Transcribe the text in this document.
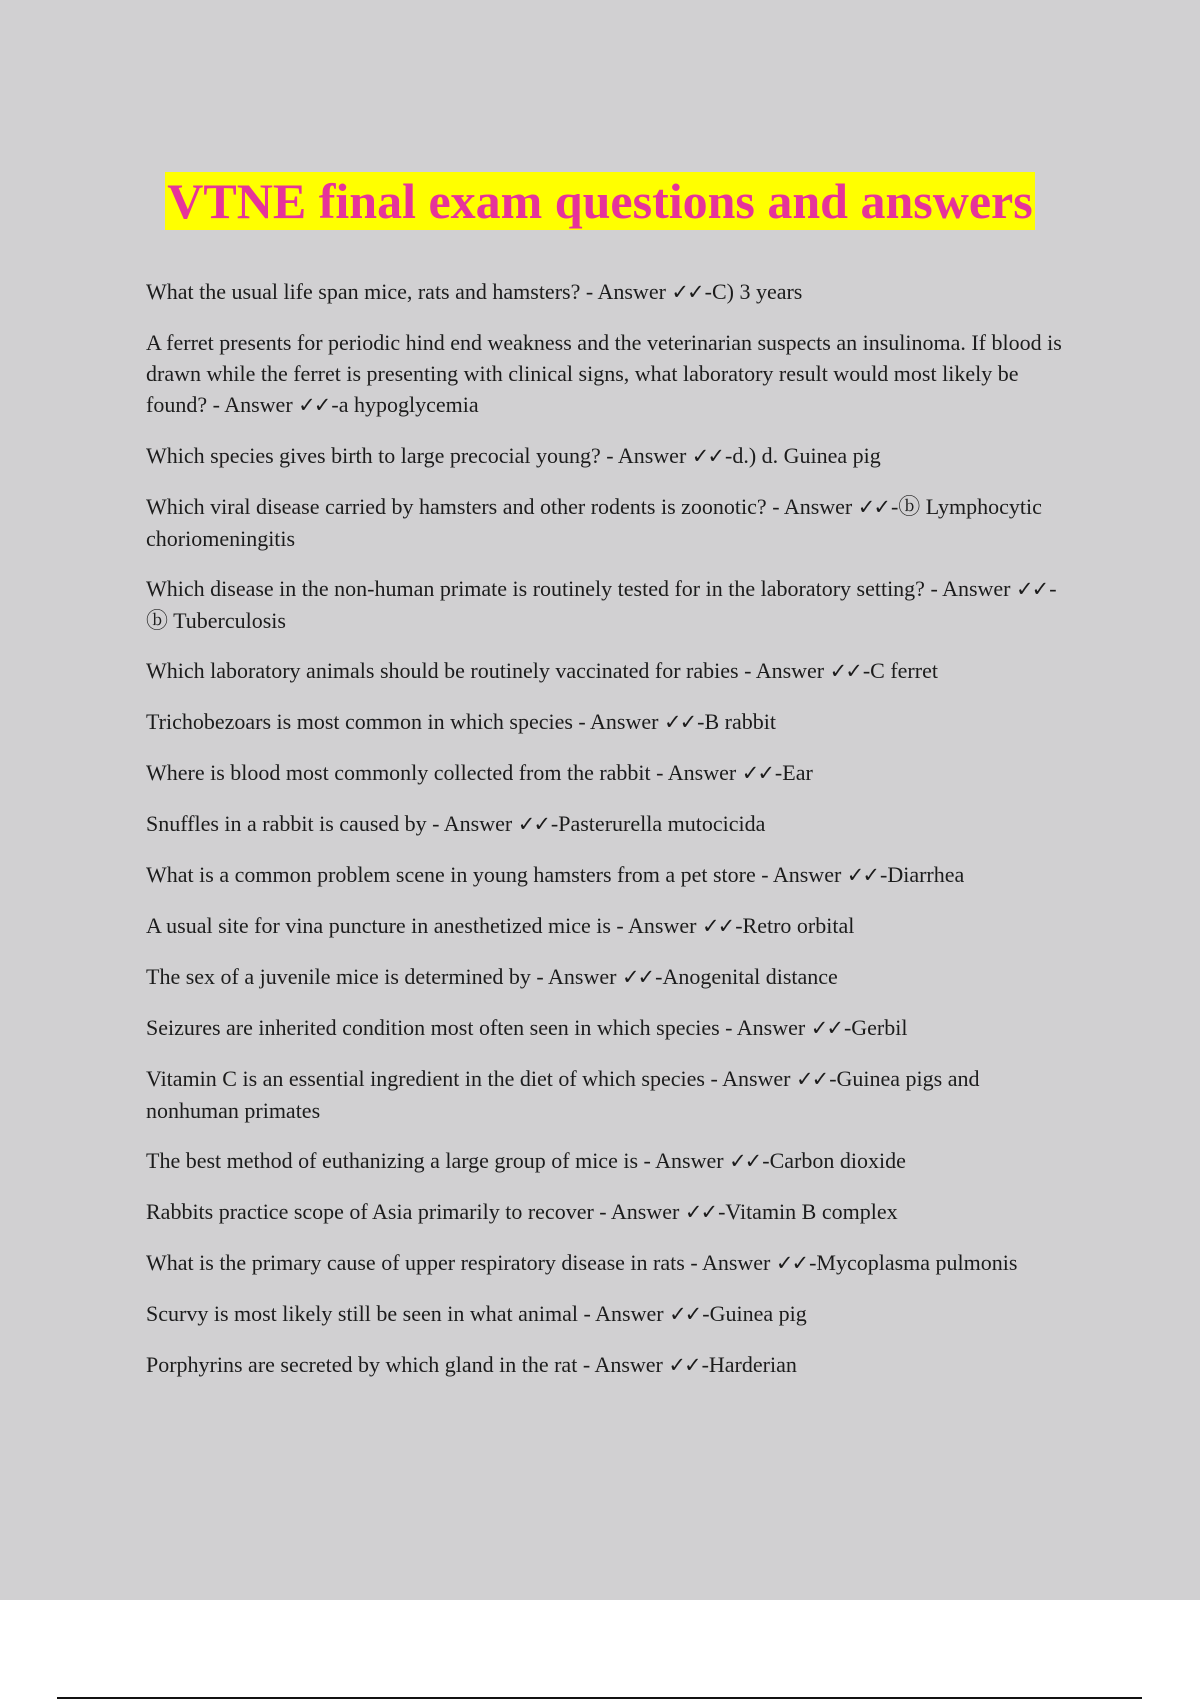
VTNE final exam questions and answers
What the usual life span mice, rats and hamsters? - Answer ✓✓-C) 3 years
A ferret presents for periodic hind end weakness and the veterinarian suspects an insulinoma. If blood is drawn while the ferret is presenting with clinical signs, what laboratory result would most likely be found? - Answer ✓✓-a hypoglycemia
Which species gives birth to large precocial young? - Answer ✓✓-d.) d. Guinea pig
Which viral disease carried by hamsters and other rodents is zoonotic? - Answer ✓✓-ⓑ Lymphocytic choriomeningitis
Which disease in the non-human primate is routinely tested for in the laboratory setting? - Answer ✓✓-ⓑ Tuberculosis
Which laboratory animals should be routinely vaccinated for rabies - Answer ✓✓-C ferret
Trichobezoars is most common in which species - Answer ✓✓-B rabbit
Where is blood most commonly collected from the rabbit - Answer ✓✓-Ear
Snuffles in a rabbit is caused by - Answer ✓✓-Pasterurella mutocicida
What is a common problem scene in young hamsters from a pet store - Answer ✓✓-Diarrhea
A usual site for vina puncture in anesthetized mice is - Answer ✓✓-Retro orbital
The sex of a juvenile mice is determined by - Answer ✓✓-Anogenital distance
Seizures are inherited condition most often seen in which species - Answer ✓✓-Gerbil
Vitamin C is an essential ingredient in the diet of which species - Answer ✓✓-Guinea pigs and nonhuman primates
The best method of euthanizing a large group of mice is - Answer ✓✓-Carbon dioxide
Rabbits practice scope of Asia primarily to recover - Answer ✓✓-Vitamin B complex
What is the primary cause of upper respiratory disease in rats - Answer ✓✓-Mycoplasma pulmonis
Scurvy is most likely still be seen in what animal - Answer ✓✓-Guinea pig
Porphyrins are secreted by which gland in the rat - Answer ✓✓-Harderian
